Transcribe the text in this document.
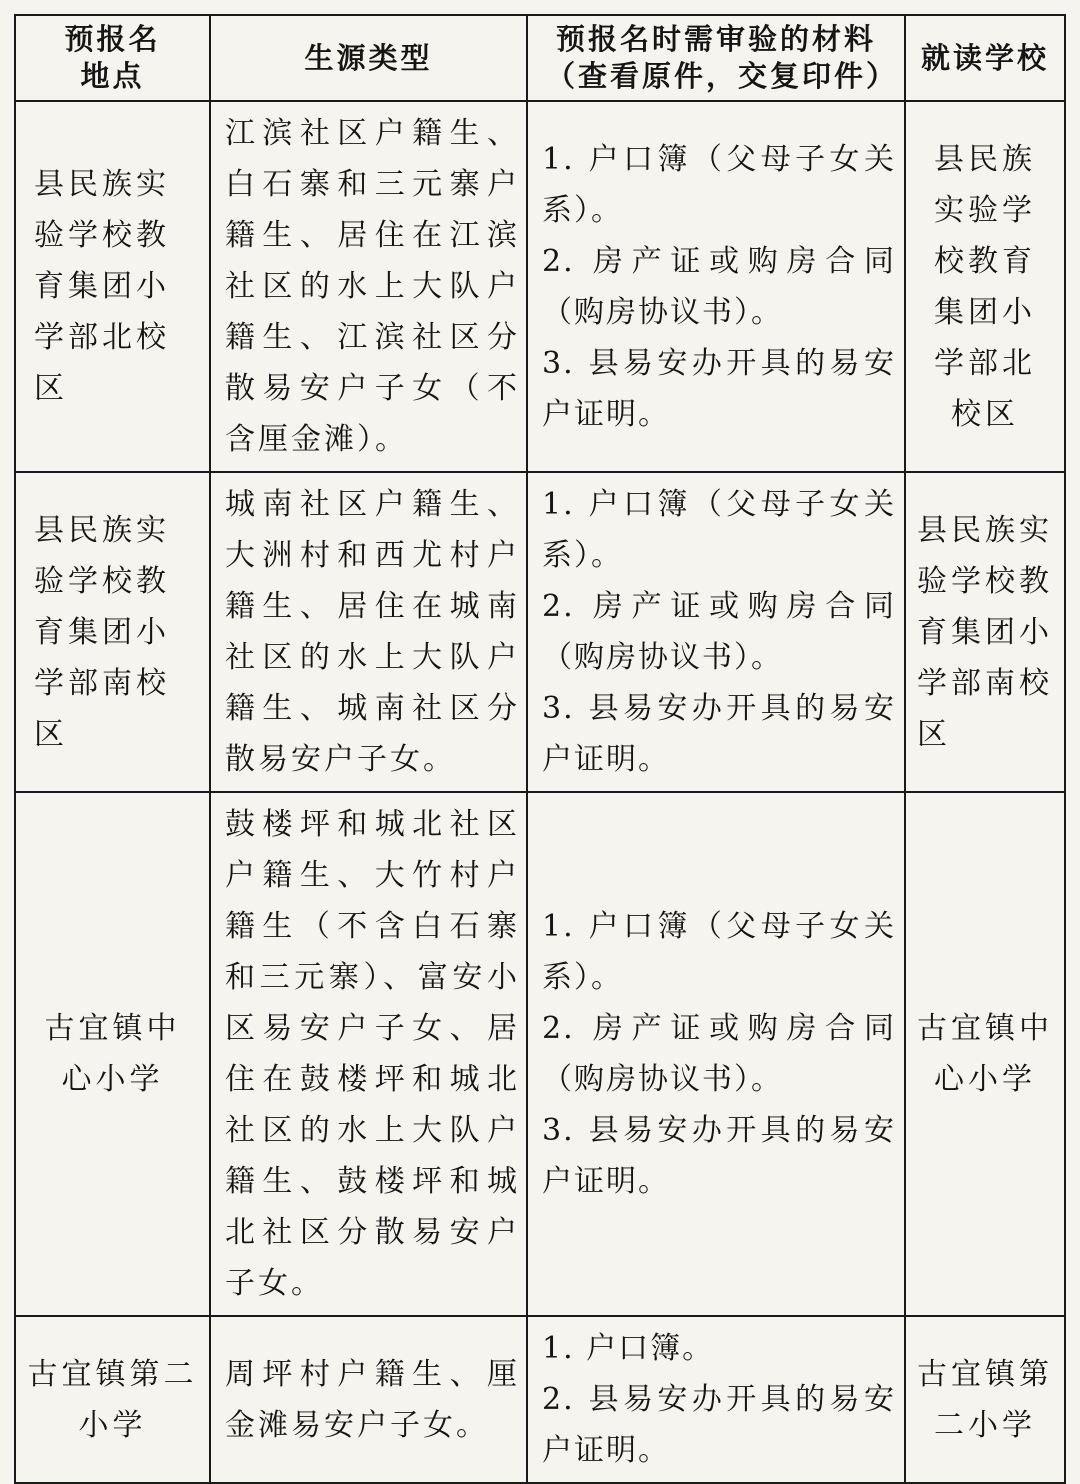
预报名地点	生源类型	预报名时需审验的材料（查看原件，交复印件）	就读学校
县民族实验学校教育集团小学部北校区	江滨社区户籍生、白石寨和三元寨户籍生、居住在江滨社区的水上大队户籍生、江滨社区分散易安户子女（不含厘金滩）。	1. 户口簿（父母子女关系）。
2. 房产证或购房合同（购房协议书）。
3. 县易安办开具的易安户证明。	县民族实验学校教育集团小学部北校区

县民族实验学校教育集团小学部南校区	城南社区户籍生、大洲村和西尤村户籍生、居住在城南社区的水上大队户籍生、城南社区分散易安户子女。	1. 户口簿（父母子女关系）。
2. 房产证或购房合同（购房协议书）。
3. 县易安办开具的易安户证明。	县民族实验学校教育集团小学部南校区

古宜镇中心小学	鼓楼坪和城北社区户籍生、大竹村户籍生（不含白石寨和三元寨）、富安小区易安户子女、居住在鼓楼坪和城北社区的水上大队户籍生、鼓楼坪和城北社区分散易安户子女。	1. 户口簿（父母子女关系）。
2. 房产证或购房合同（购房协议书）。
3. 县易安办开具的易安户证明。	古宜镇中心小学

古宜镇第二小学	周坪村户籍生、厘金滩易安户子女。	1. 户口簿。
2. 县易安办开具的易安户证明。	古宜镇第二小学
